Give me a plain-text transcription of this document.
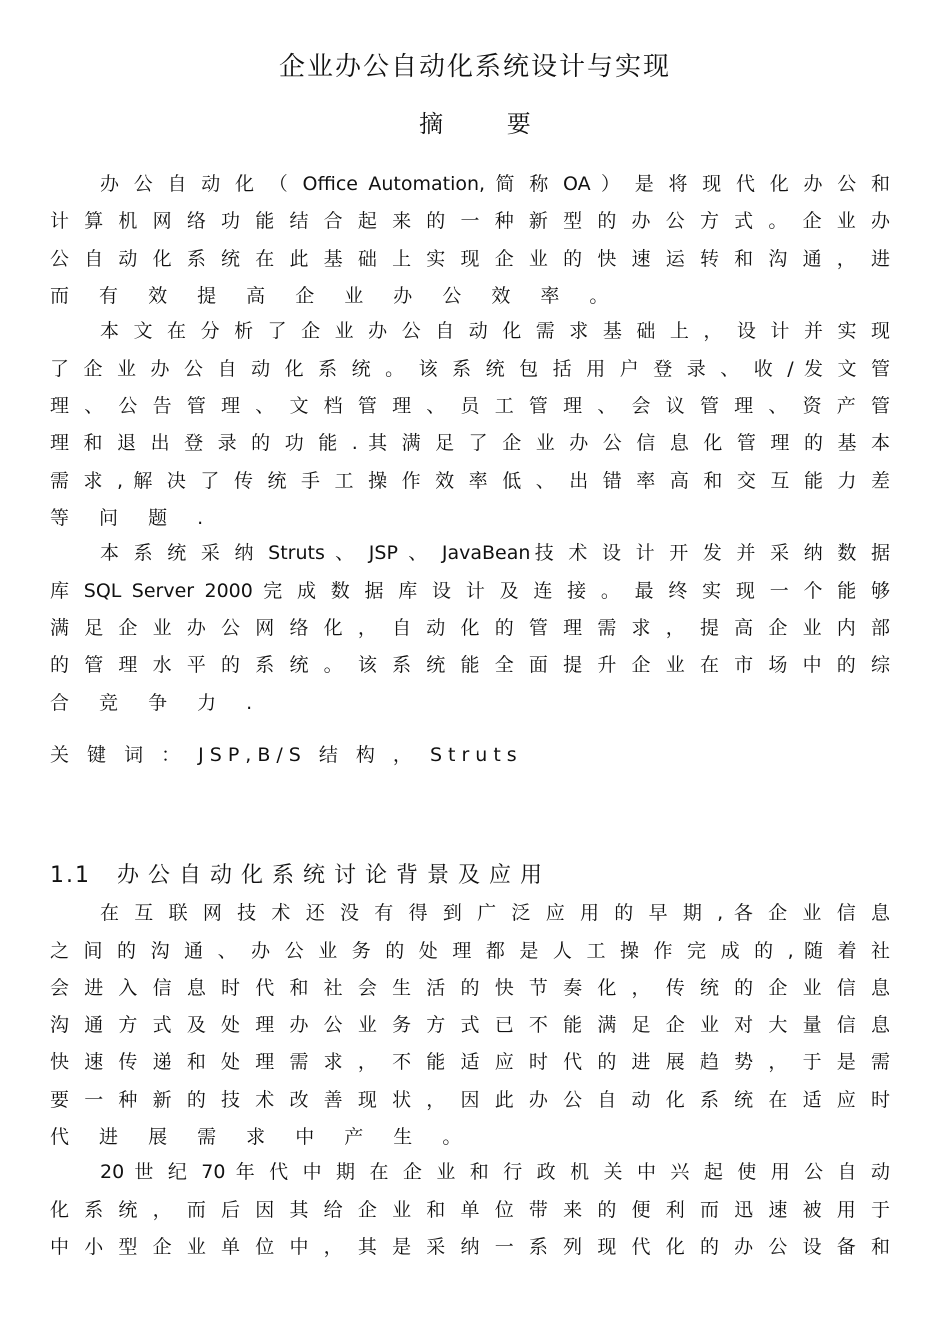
企业办公自动化系统设计与实现
摘 要
办 公 自 动 化 （ Office Automation, 简 称 OA ） 是 将 现 代 化 办 公 和
计 算 机 网 络 功 能 结 合 起 来 的 一 种 新 型 的 办 公 方 式 。 企 业 办
公 自 动 化 系 统 在 此 基 础 上 实 现 企 业 的 快 速 运 转 和 沟 通 ， 进
而 有 效 提 高 企 业 办 公 效 率 。
本 文 在 分 析 了 企 业 办 公 自 动 化 需 求 基 础 上 ， 设 计 并 实 现
了 企 业 办 公 自 动 化 系 统 。 该 系 统 包 括 用 户 登 录 、 收 / 发 文 管
理 、 公 告 管 理 、 文 档 管 理 、 员 工 管 理 、 会 议 管 理 、 资 产 管
理 和 退 出 登 录 的 功 能 . 其 满 足 了 企 业 办 公 信 息 化 管 理 的 基 本
需 求 , 解 决 了 传 统 手 工 操 作 效 率 低 、 出 错 率 高 和 交 互 能 力 差
等 问 题 .
本 系 统 采 纳 Struts 、 JSP 、 JavaBean技 术 设 计 开 发 并 采 纳 数 据
库 SQL Server 2000 完 成 数 据 库 设 计 及 连 接 。 最 终 实 现 一 个 能 够
满 足 企 业 办 公 网 络 化 ， 自 动 化 的 管 理 需 求 ， 提 高 企 业 内 部
的 管 理 水 平 的 系 统 。 该 系 统 能 全 面 提 升 企 业 在 市 场 中 的 综
合 竞 争 力 .
关 键 词 ： JSP,B/S 结 构 ， Struts
1.1 办公自动化系统讨论背景及应用
在 互 联 网 技 术 还 没 有 得 到 广 泛 应 用 的 早 期 , 各 企 业 信 息
之 间 的 沟 通 、 办 公 业 务 的 处 理 都 是 人 工 操 作 完 成 的 , 随 着 社
会 进 入 信 息 时 代 和 社 会 生 活 的 快 节 奏 化 ， 传 统 的 企 业 信 息
沟 通 方 式 及 处 理 办 公 业 务 方 式 已 不 能 满 足 企 业 对 大 量 信 息
快 速 传 递 和 处 理 需 求 ， 不 能 适 应 时 代 的 进 展 趋 势 ， 于 是 需
要 一 种 新 的 技 术 改 善 现 状 ， 因 此 办 公 自 动 化 系 统 在 适 应 时
代 进 展 需 求 中 产 生 。
20 世 纪 70 年 代 中 期 在 企 业 和 行 政 机 关 中 兴 起 使 用 公 自 动
化 系 统 ， 而 后 因 其 给 企 业 和 单 位 带 来 的 便 利 而 迅 速 被 用 于
中 小 型 企 业 单 位 中 ， 其 是 采 纳 一 系 列 现 代 化 的 办 公 设 备 和
